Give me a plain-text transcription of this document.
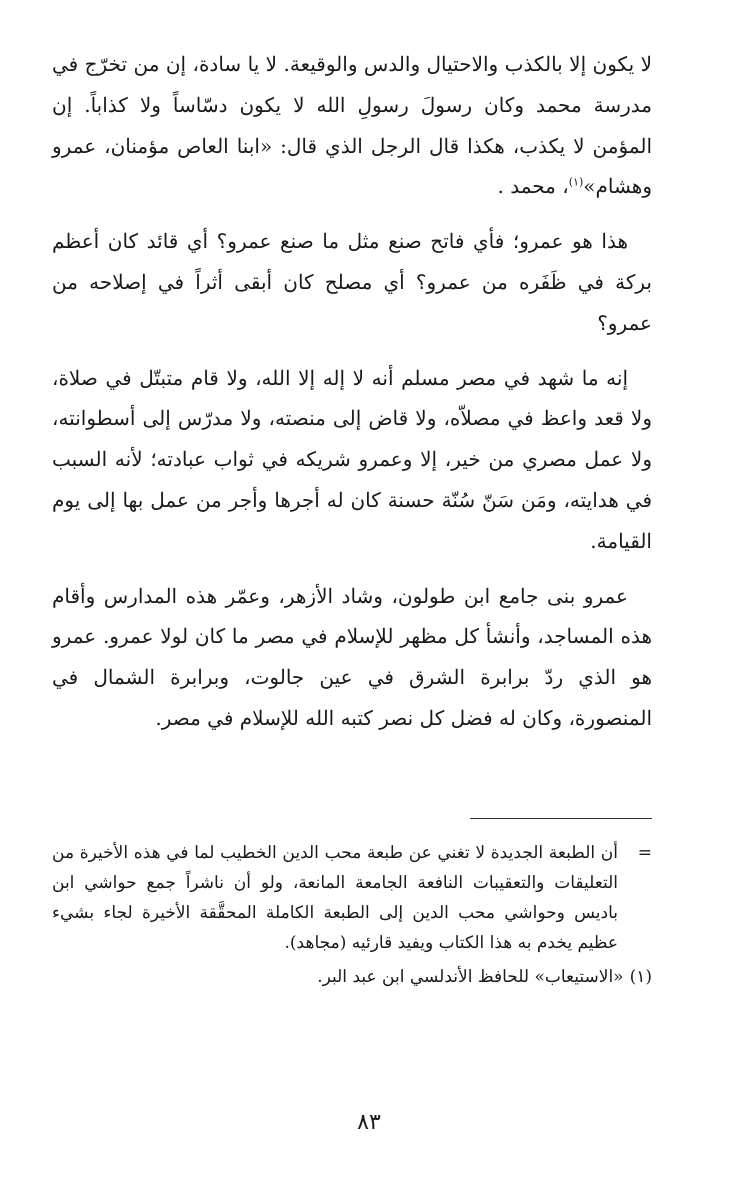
لا يكون إلا بالكذب والاحتيال والدس والوقيعة. لا يا سادة، إن من تخرّج في مدرسة محمد وكان رسولَ رسولِ الله لا يكون دسّاساً ولا كذاباً. إن المؤمن لا يكذب، هكذا قال الرجل الذي قال: «ابنا العاص مؤمنان، عمرو وهشام»$^{(١)}$، محمد .

هذا هو عمرو؛ فأي فاتح صنع مثل ما صنع عمرو؟ أي قائد كان أعظم بركة في ظَفَره من عمرو؟ أي مصلح كان أبقى أثراً في إصلاحه من عمرو؟

إنه ما شهد في مصر مسلم أنه لا إله إلا الله، ولا قام متبتّل في صلاة، ولا قعد واعظ في مصلاّه، ولا قاض إلى منصته، ولا مدرّس إلى أسطوانته، ولا عمل مصري من خير، إلا وعمرو شريكه في ثواب عبادته؛ لأنه السبب في هدايته، ومَن سَنّ سُنّة حسنة كان له أجرها وأجر من عمل بها إلى يوم القيامة.

عمرو بنى جامع ابن طولون، وشاد الأزهر، وعمّر هذه المدارس وأقام هذه المساجد، وأنشأ كل مظهر للإسلام في مصر ما كان لولا عمرو. عمرو هو الذي ردّ برابرة الشرق في عين جالوت، وبرابرة الشمال في المنصورة، وكان له فضل كل نصر كتبه الله للإسلام في مصر.

=
أن الطبعة الجديدة لا تغني عن طبعة محب الدين الخطيب لما في هذه الأخيرة من التعليقات والتعقيبات النافعة الجامعة المانعة، ولو أن ناشراً جمع حواشي ابن باديس وحواشي محب الدين إلى الطبعة الكاملة المحقَّقة الأخيرة لجاء بشيء عظيم يخدم به هذا الكتاب ويفيد قارئيه (مجاهد).

(١)«الاستيعاب» للحافظ الأندلسي ابن عبد البر.

٨٣
